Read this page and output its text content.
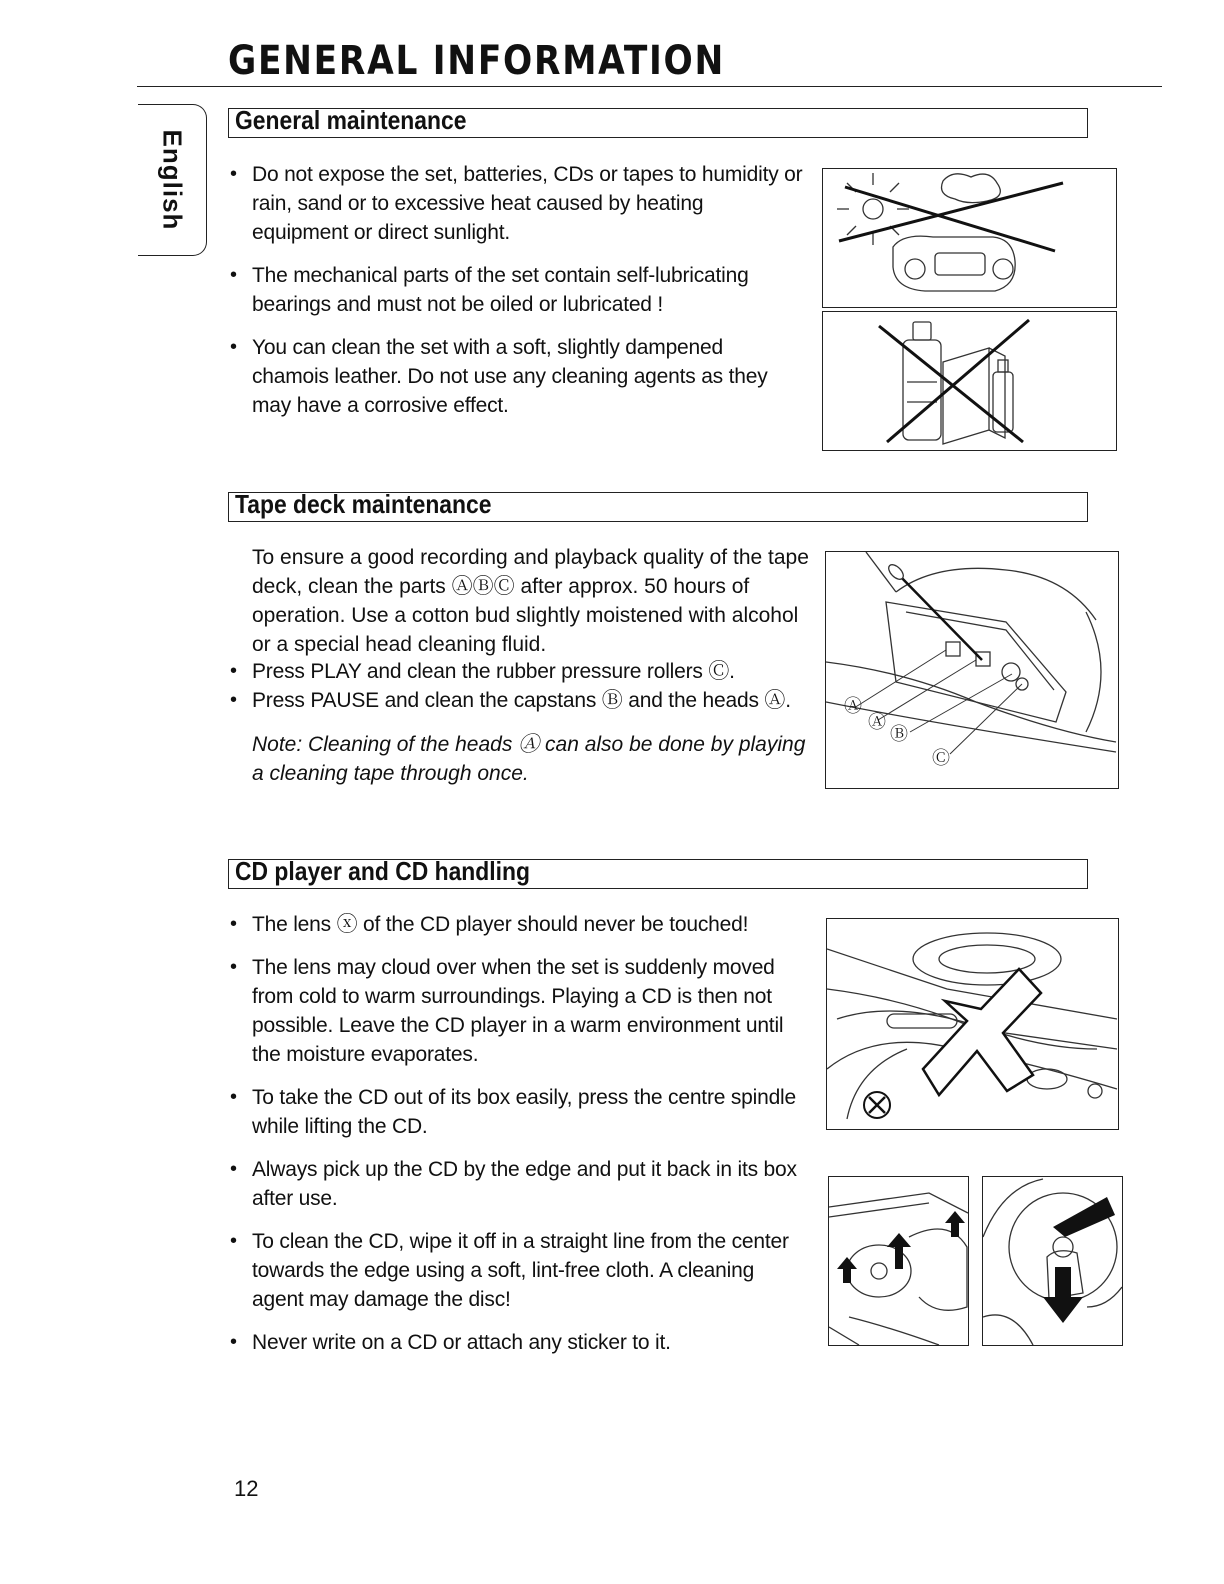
GENERAL INFORMATION
English
General maintenance
• Do not expose the set, batteries, CDs or tapes to humidity or rain, sand or to excessive heat caused by heating equipment or direct sunlight.
• The mechanical parts of the set contain self-lubricating bearings and must not be oiled or lubricated !
• You can clean the set with a soft, slightly dampened chamois leather. Do not use any cleaning agents as they may have a corrosive effect.
Tape deck maintenance

To ensure a good recording and playback quality of the tape deck, clean the parts ⒶⒷⒸ after approx. 50 hours of operation. Use a cotton bud slightly moistened with alcohol or a special head cleaning fluid.

• Press PLAY and clean the rubber pressure rollers Ⓒ.
• Press PAUSE and clean the capstans Ⓑ and the heads Ⓐ.

Note: Cleaning of the heads Ⓐ can also be done by playing a cleaning tape through once.

Ⓐ
Ⓐ
Ⓑ
Ⓒ
CD player and CD handling
• The lens ⓧ of the CD player should never be touched!
• The lens may cloud over when the set is suddenly moved from cold to warm surroundings. Playing a CD is then not possible. Leave the CD player in a warm environment until the moisture evaporates.
• To take the CD out of its box easily, press the centre spindle while lifting the CD.
• Always pick up the CD by the edge and put it back in its box after use.
• To clean the CD, wipe it off in a straight line from the center towards the edge using a soft, lint-free cloth. A cleaning agent may damage the disc!
• Never write on a CD or attach any sticker to it.
12
